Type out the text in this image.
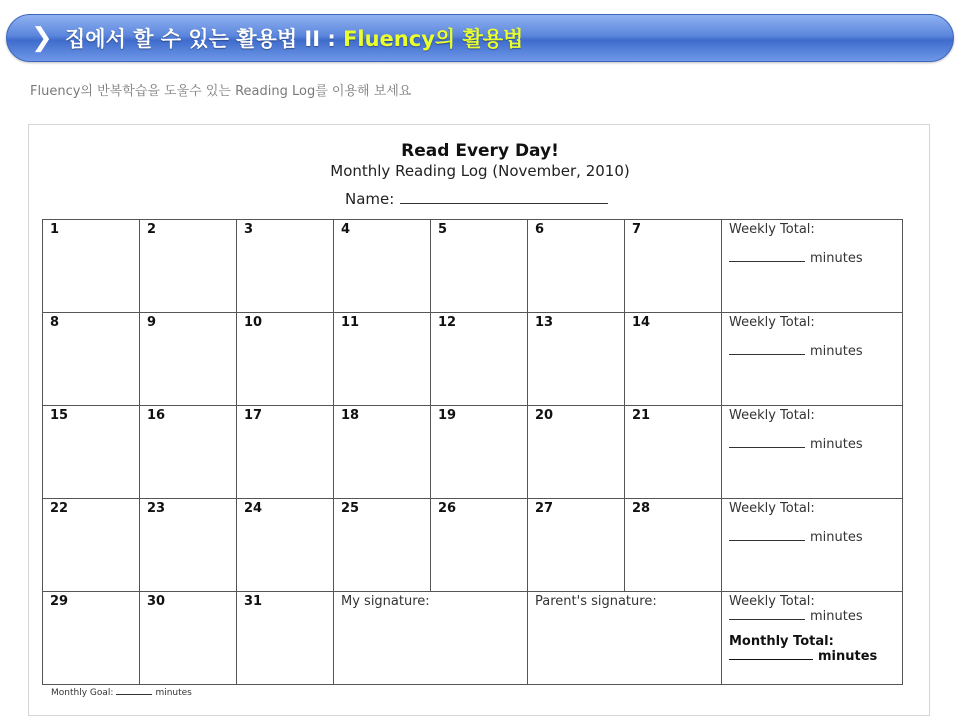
❯ 집에서 할 수 있는 활용법 II : Fluency의 활용법
Fluency의 반복학습을 도울수 있는 Reading Log를 이용해 보세요
Read Every Day!
Monthly Reading Log (November, 2010)
Name:
1	2	3	4	5	6	7	Weekly Total:
minutes

8	9	10	11	12	13	14	Weekly Total:
minutes

15	16	17	18	19	20	21	Weekly Total:
minutes

22	23	24	25	26	27	28	Weekly Total:
minutes

29	30	31	My signature:		Parent's signature:		Weekly Total:
minutes
Monthly Total:
minutes
Monthly Goal:	minutes
